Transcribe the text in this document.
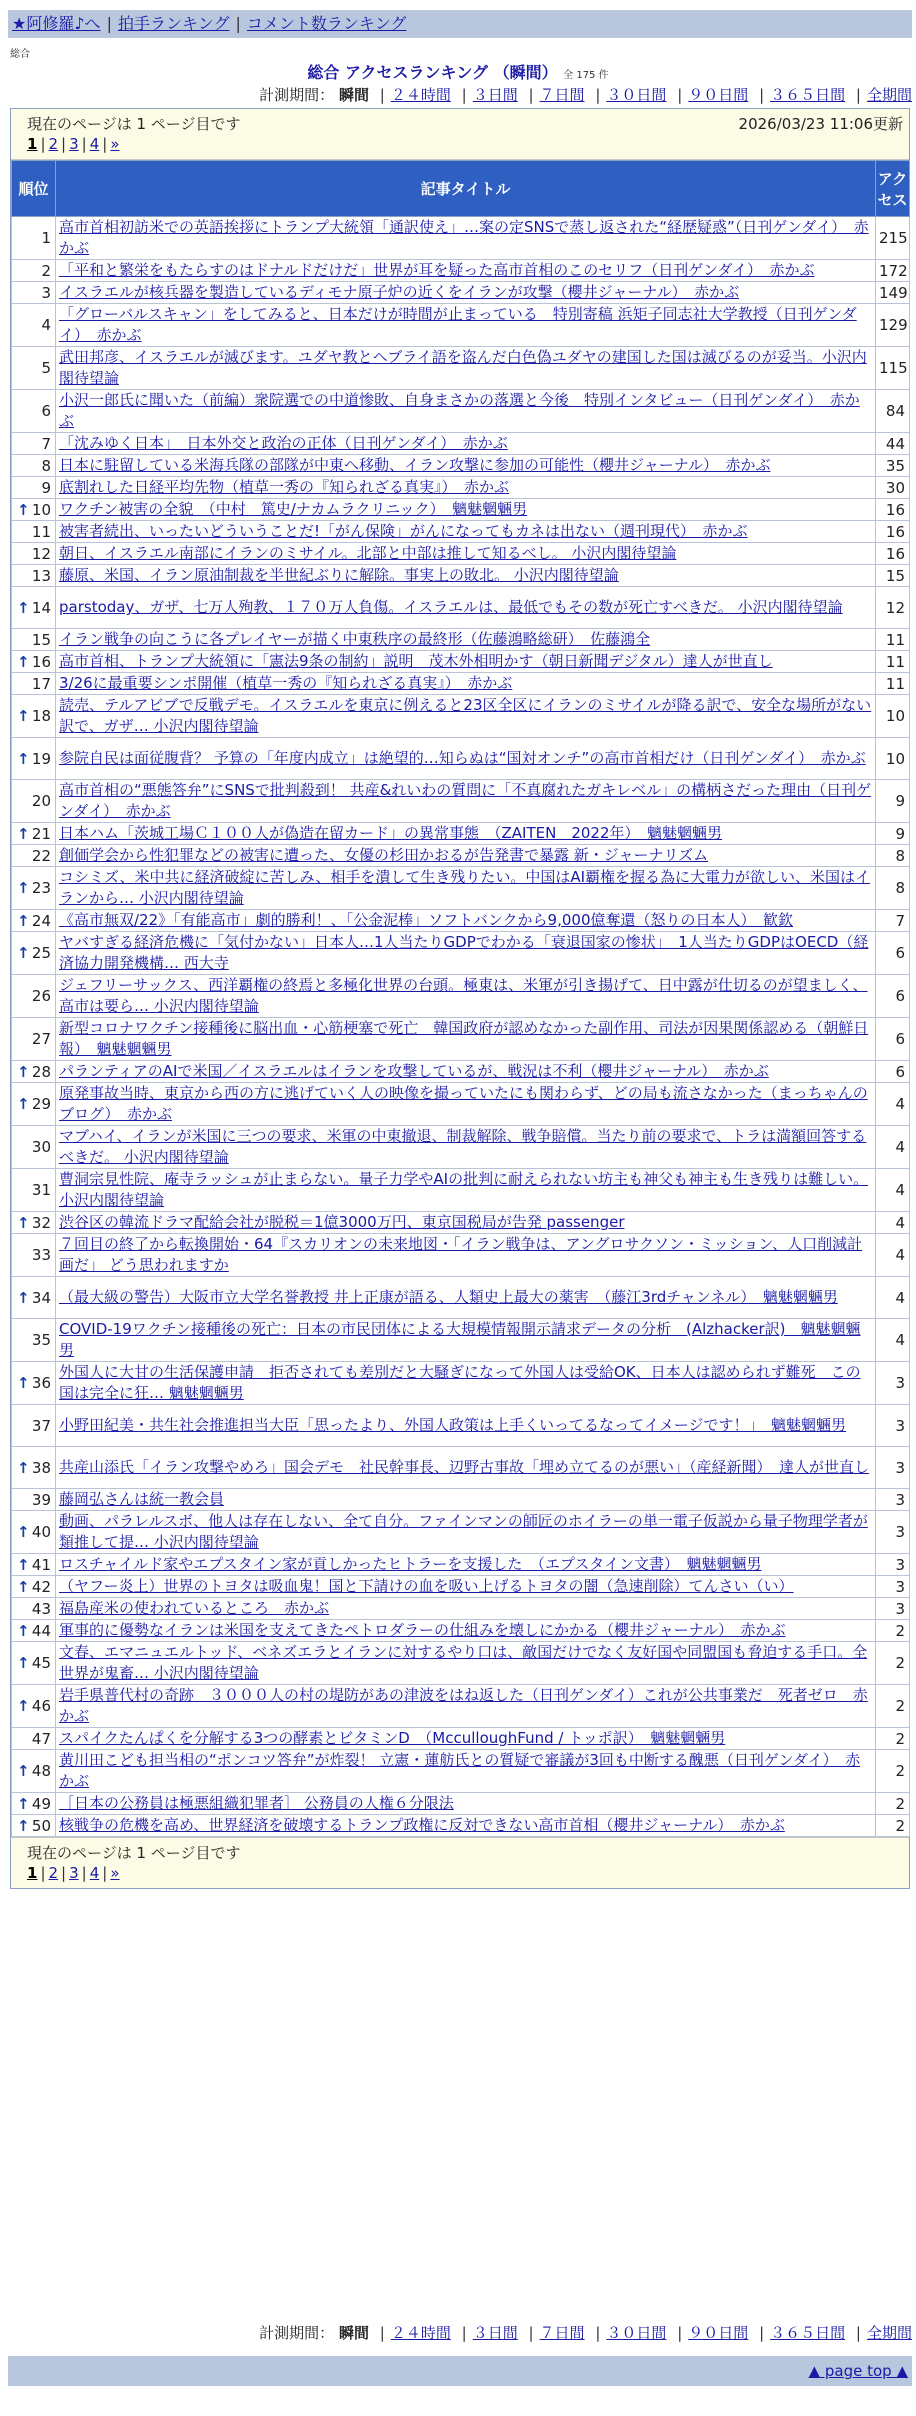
★阿修羅♪へ | 拍手ランキング | コメント数ランキング
総合
総合 アクセスランキング （瞬間） 全 175 件
計測期間： 瞬間 | ２４時間 | ３日間 | ７日間 | ３０日間 | ９０日間 | ３６５日間 | 全期間
現在のページは 1 ページ目です	2026/03/23 11:06更新
1 | 2 | 3 | 4 | »
順位	記事タイトル	アクセス
1	高市首相初訪米での英語挨拶にトランプ大統領「通訳使え」…案の定SNSで蒸し返された“経歴疑惑”（日刊ゲンダイ）　赤かぶ	215
2	「平和と繁栄をもたらすのはドナルドだけだ」世界が耳を疑った高市首相のこのセリフ（日刊ゲンダイ）　赤かぶ	172
3	イスラエルが核兵器を製造しているディモナ原子炉の近くをイランが攻撃（櫻井ジャーナル）　赤かぶ	149
4	「グローバルスキャン」をしてみると、日本だけが時間が止まっている　特別寄稿 浜矩子同志社大学教授（日刊ゲンダイ）　赤かぶ	129
5	武田邦彦、イスラエルが滅びます。ユダヤ教とヘブライ語を盗んだ白色偽ユダヤの建国した国は滅びるのが妥当。小沢内閣待望論	115
6	小沢一郎氏に聞いた（前編）衆院選での中道惨敗、自身まさかの落選と今後　特別インタビュー（日刊ゲンダイ）　赤かぶ	84
7	「沈みゆく日本」　日本外交と政治の正体（日刊ゲンダイ）　赤かぶ	44
8	日本に駐留している米海兵隊の部隊が中東へ移動、イラン攻撃に参加の可能性（櫻井ジャーナル）　赤かぶ	35
9	底割れした日経平均先物（植草一秀の『知られざる真実』）　赤かぶ	30

↑ 10	ワクチン被害の全貌　（中村　篤史/ナカムラクリニック）　魑魅魍魎男	16
11	被害者続出、いったいどういうことだ!「がん保険」がんになってもカネは出ない（週刊現代）　赤かぶ	16
12	朝日、イスラエル南部にイランのミサイル。北部と中部は推して知るべし。 小沢内閣待望論	16
13	藤原、米国、イラン原油制裁を半世紀ぶりに解除。事実上の敗北。 小沢内閣待望論	15

↑ 14	parstoday、ガザ、七万人殉教、１７０万人負傷。イスラエルは、最低でもその数が死亡すべきだ。 小沢内閣待望論	12
15	イラン戦争の向こうに各プレイヤーが描く中東秩序の最終形（佐藤鴻略総研）　佐藤鴻全	11

↑ 16	高市首相、トランプ大統領に「憲法9条の制約」説明　茂木外相明かす（朝日新聞デジタル）達人が世直し	11
17	3/26に最重要シンポ開催（植草一秀の『知られざる真実』）　赤かぶ	11

↑ 18	読売、テルアビブで反戦デモ。イスラエルを東京に例えると23区全区にイランのミサイルが降る訳で、安全な場所がない訳で、ガザ… 小沢内閣待望論	10

↑ 19	参院自民は面従腹背？ 予算の「年度内成立」は絶望的…知らぬは“国対オンチ”の高市首相だけ（日刊ゲンダイ）　赤かぶ	10
20	高市首相の“悪態答弁”にSNSで批判殺到！ 共産&れいわの質問に「不真腐れたガキレベル」の構柄さだった理由（日刊ゲンダイ）　赤かぶ	9

↑ 21	日本ハム「茨城工場Ｃ１００人が偽造在留カード」の異常事態　（ZAITEN　2022年）　魑魅魍魎男	9
22	創価学会から性犯罪などの被害に遭った、女優の杉田かおるが告発書で暴露 新・ジャーナリズム	8

↑ 23	コシミズ、米中共に経済破綻に苦しみ、相手を潰して生き残りたい。中国はAI覇権を握る為に大電力が欲しい、米国はイランから… 小沢内閣待望論	8

↑ 24	《高市無双/22》「有能高市」劇的勝利！、「公金泥棒」ソフトバンクから9,000億奪還（怒りの日本人）　歓欽	7

↑ 25	ヤバすぎる経済危機に「気付かない」日本人…1人当たりGDPでわかる「衰退国家の惨状」　1人当たりGDPはOECD（経済協力開発機構… 西大寺	6
26	ジェフリーサックス、西洋覇権の終焉と多極化世界の台頭。極東は、米軍が引き揚げて、日中露が仕切るのが望ましく、高市は要ら… 小沢内閣待望論	6
27	新型コロナワクチン接種後に脳出血・心筋梗塞で死亡　韓国政府が認めなかった副作用、司法が因果関係認める（朝鮮日報）　魑魅魍魎男	6

↑ 28	パランティアのAIで米国／イスラエルはイランを攻撃しているが、戦況は不利（櫻井ジャーナル）　赤かぶ	6

↑ 29	原発事故当時、東京から西の方に逃げていく人の映像を撮っていたにも関わらず、どの局も流さなかった（まっちゃんのブログ）　赤かぶ	4
30	マブハイ、イランが米国に三つの要求、米軍の中東撤退、制裁解除、戦争賠償。当たり前の要求で、トラは満額回答するべきだ。 小沢内閣待望論	4
31	曹洞宗見性院、庵寺ラッシュが止まらない。量子力学やAIの批判に耐えられない坊主も神父も神主も生き残りは難しい。 小沢内閣待望論	4

↑ 32	渋谷区の韓流ドラマ配給会社が脱税＝1億3000万円、東京国税局が告発 passenger	4
33	７回目の終了から転換開始・64『スカリオンの未来地図・「イラン戦争は、アングロサクソン・ミッション、人口削減計画だ」 どう思われますか	4

↑ 34	（最大級の警告）大阪市立大学名誉教授 井上正康が語る、人類史上最大の薬害　（藤江3rdチャンネル）　魑魅魍魎男	4
35	COVID-19ワクチン接種後の死亡：日本の市民団体による大規模情報開示請求データの分析　(Alzhacker訳)　魑魅魍魎男	4

↑ 36	外国人に大甘の生活保護申請　拒否されても差別だと大騒ぎになって外国人は受給OK、日本人は認められず難死　この国は完全に狂… 魑魅魍魎男	3
37	小野田紀美・共生社会推進担当大臣「思ったより、外国人政策は上手くいってるなってイメージです！」　魑魅魍魎男	3

↑ 38	共産山添氏「イラン攻撃やめろ」国会デモ　社民幹事長、辺野古事故「埋め立てるのが悪い」（産経新聞）　達人が世直し	3
39	藤岡弘さんは統一教会員	3

↑ 40	動画、パラレルスボ、他人は存在しない、全て自分。ファインマンの師匠のホイラーの単一電子仮説から量子物理学者が類推して提… 小沢内閣待望論	3

↑ 41	ロスチャイルド家やエプスタイン家が貢しかったヒトラーを支援した　（エプスタイン文書）　魑魅魍魎男	3

↑ 42	（ヤフー炎上）世界のトヨタは吸血鬼！国と下請けの血を吸い上げるトヨタの闇（急速削除）てんさい（い）	3
43	福島産米の使われているところ　赤かぶ	3

↑ 44	軍事的に優勢なイランは米国を支えてきたペトロダラーの仕組みを壊しにかかる（櫻井ジャーナル）　赤かぶ	2

↑ 45	文春、エマニュエルトッド、ベネズエラとイランに対するやり口は、敵国だけでなく友好国や同盟国も脅迫する手口。全世界が鬼畜… 小沢内閣待望論	2

↑ 46	岩手県普代村の奇跡　３０００人の村の堤防があの津波をはね返した（日刊ゲンダイ）これが公共事業だ　死者ゼロ　赤かぶ	2
47	スパイクたんぱくを分解する3つの酵素とビタミンD　（McculloughFund / トッポ訳）　魑魅魍魎男	2

↑ 48	黄川田こども担当相の“ポンコツ答弁”が炸裂！ 立憲・蓮舫氏との質疑で審議が3回も中断する醜悪（日刊ゲンダイ）　赤かぶ	2

↑ 49	［日本の公務員は極悪組織犯罪者］ 公務員の人権６分限法	2

↑ 50	核戦争の危機を高め、世界経済を破壊するトランプ政権に反対できない高市首相（櫻井ジャーナル）　赤かぶ	2
現在のページは 1 ページ目です
1 | 2 | 3 | 4 | »
計測期間： 瞬間 | ２４時間 | ３日間 | ７日間 | ３０日間 | ９０日間 | ３６５日間 | 全期間
▲ page top ▲
